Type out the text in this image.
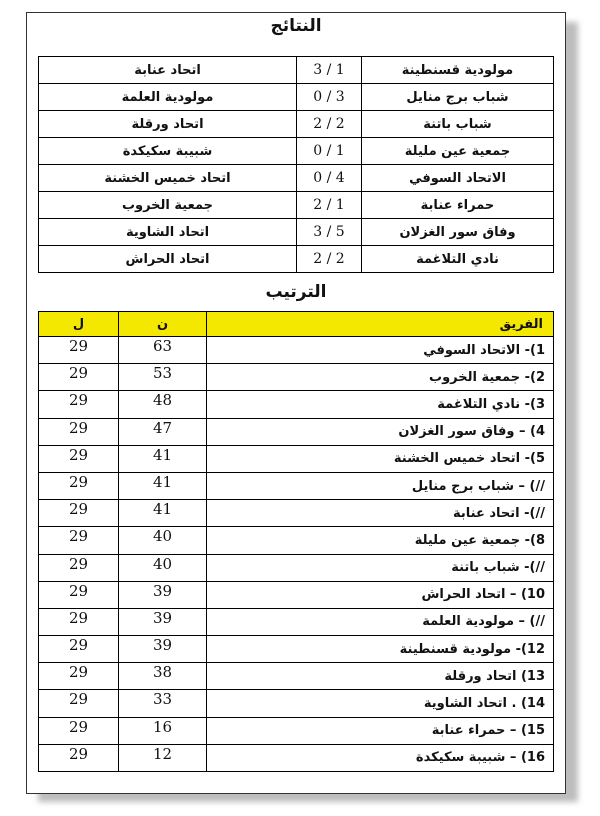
النتائج
اتحاد عنابة	3 / 1	مولودية قسنطينة
مولودية العلمة	0 / 3	شباب برج منايل
اتحاد ورقلة	2 / 2	شباب باتنة
شبيبة سكيكدة	0 / 1	جمعية عين مليلة
اتحاد خميس الخشنة	0 / 4	الاتحاد السوفي
جمعية الخروب	2 / 1	حمراء عنابة
اتحاد الشاوية	3 / 5	وفاق سور الغزلان
اتحاد الحراش	2 / 2	نادي التلاغمة
الترتيب
ل	ن	الفريق
29	63	1)- الاتحاد السوفي
29	53	2)- جمعية الخروب
29	48	3)- نادي التلاغمة
29	47	4) – وفاق سور الغزلان
29	41	5)- اتحاد خميس الخشنة
29	41	//) – شباب برج منايل
29	41	//)- اتحاد عنابة
29	40	8)- جمعية عين مليلة
29	40	//)- شباب باتنة
29	39	10) – اتحاد الحراش
29	39	//) – مولودية العلمة
29	39	12)- مولودية قسنطينة
29	38	13) اتحاد ورقلة
29	33	14) . اتحاد الشاوية
29	16	15) – حمراء عنابة
29	12	16) – شبيبة سكيكدة
